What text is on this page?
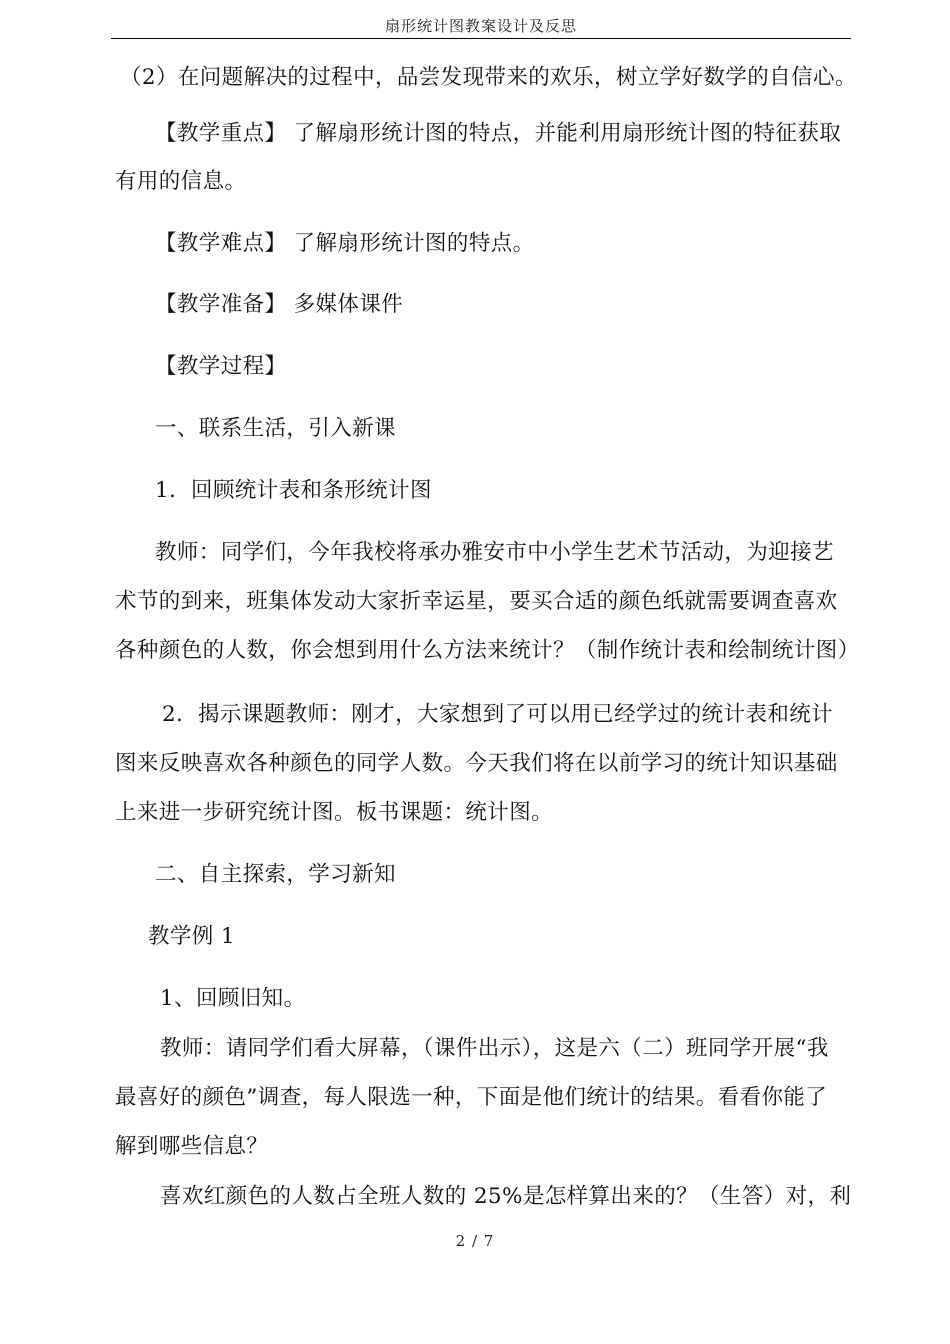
扇形统计图教案设计及反思
（2）在问题解决的过程中，品尝发现带来的欢乐，树立学好数学的自信心。
【教学重点】 了解扇形统计图的特点，并能利用扇形统计图的特征获取
有用的信息。
【教学难点】 了解扇形统计图的特点。
【教学准备】 多媒体课件
【教学过程】
一、联系生活，引入新课
1．回顾统计表和条形统计图
教师：同学们，今年我校将承办雅安市中小学生艺术节活动，为迎接艺
术节的到来，班集体发动大家折幸运星，要买合适的颜色纸就需要调查喜欢
各种颜色的人数，你会想到用什么方法来统计？（制作统计表和绘制统计图）
2．揭示课题教师：刚才，大家想到了可以用已经学过的统计表和统计
图来反映喜欢各种颜色的同学人数。今天我们将在以前学习的统计知识基础
上来进一步研究统计图。板书课题：统计图。
二、自主探索，学习新知
教学例 1
1、回顾旧知。
教师：请同学们看大屏幕，（课件出示），这是六（二）班同学开展“我
最喜好的颜色”调查，每人限选一种，下面是他们统计的结果。看看你能了
解到哪些信息？
喜欢红颜色的人数占全班人数的 25%是怎样算出来的？（生答）对，利
2 / 7
